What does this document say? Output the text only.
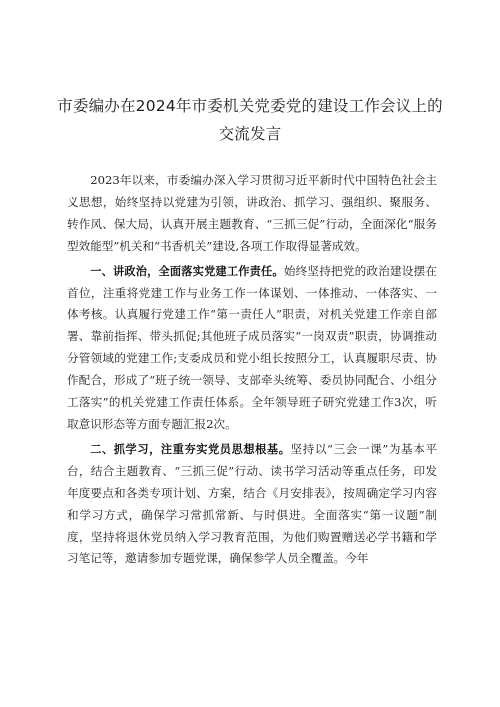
市委编办在2024年市委机关党委党的建设工作会议上的
交流发言

2023年以来，市委编办深入学习贯彻习近平新时代中国特色社会主义思想，始终坚持以党建为引领，讲政治、抓学习、强组织、聚服务、转作风、保大局，认真开展主题教育、“三抓三促”行动，全面深化“服务型效能型”机关和“书香机关”建设,各项工作取得显著成效。

一、讲政治，全面落实党建工作责任。始终坚持把党的政治建设摆在首位，注重将党建工作与业务工作一体谋划、一体推动、一体落实、一体考核。认真履行党建工作“第一责任人”职责，对机关党建工作亲自部署、靠前指挥、带头抓促;其他班子成员落实“一岗双责”职责，协调推动分管领域的党建工作;支委成员和党小组长按照分工，认真履职尽责、协作配合，形成了“班子统一领导、支部牵头统筹、委员协同配合、小组分工落实”的机关党建工作责任体系。全年领导班子研究党建工作3次，听取意识形态等方面专题汇报2次。

二、抓学习，注重夯实党员思想根基。坚持以“三会一课”为基本平台，结合主题教育、“三抓三促”行动、读书学习活动等重点任务，印发年度要点和各类专项计划、方案，结合《月安排表》，按周确定学习内容和学习方式，确保学习常抓常新、与时俱进。全面落实“第一议题”制度，坚持将退休党员纳入学习教育范围，为他们购置赠送必学书籍和学习笔记等，邀请参加专题党课，确保参学人员全覆盖。今年
